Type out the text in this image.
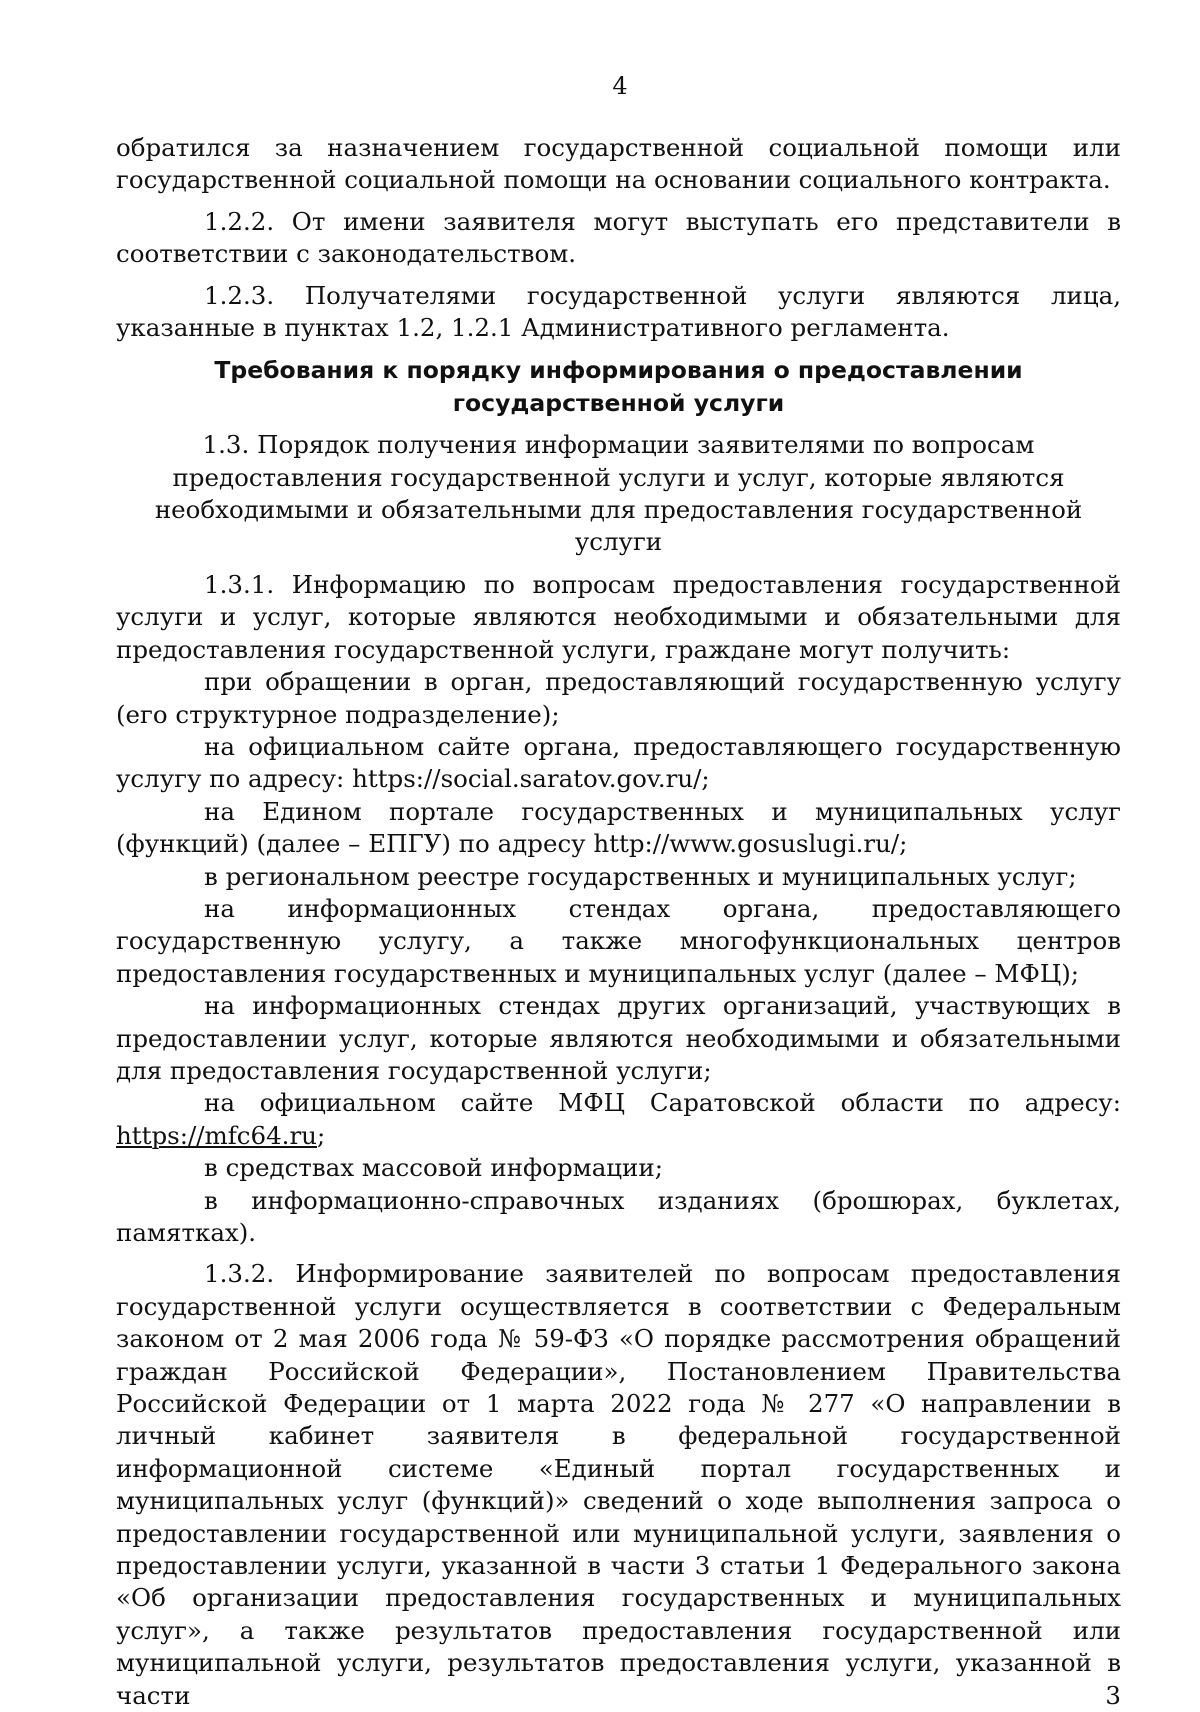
4

обратился за назначением государственной социальной помощи или государственной социальной помощи на основании социального контракта.

1.2.2. От имени заявителя могут выступать его представители в соответствии с законодательством.

1.2.3. Получателями государственной услуги являются лица, указанные в пунктах 1.2, 1.2.1 Административного регламента.

Требования к порядку информирования о предоставлении государственной услуги
1.3. Порядок получения информации заявителями по вопросам предоставления государственной услуги и услуг, которые являются необходимыми и обязательными для предоставления государственной услуги

1.3.1. Информацию по вопросам предоставления государственной услуги и услуг, которые являются необходимыми и обязательными для предоставления государственной услуги, граждане могут получить:

при обращении в орган, предоставляющий государственную услугу (его структурное подразделение);

на официальном сайте органа, предоставляющего государственную услугу по адресу: https://social.saratov.gov.ru/;

на Едином портале государственных и муниципальных услуг (функций) (далее – ЕПГУ) по адресу http://www.gosuslugi.ru/;

в региональном реестре государственных и муниципальных услуг;

на информационных стендах органа, предоставляющего государственную услугу, а также многофункциональных центров предоставления государственных и муниципальных услуг (далее – МФЦ);

на информационных стендах других организаций, участвующих в предоставлении услуг, которые являются необходимыми и обязательными для предоставления государственной услуги;

на официальном сайте МФЦ Саратовской области по адресу:
https://mfc64.ru;

в средствах массовой информации;

в информационно-справочных изданиях (брошюрах, буклетах, памятках).

1.3.2. Информирование заявителей по вопросам предоставления государственной услуги осуществляется в соответствии с Федеральным законом от 2 мая 2006 года № 59-ФЗ «О порядке рассмотрения обращений граждан Российской Федерации», Постановлением Правительства Российской Федерации от 1 марта 2022 года № 277 «О направлении в личный кабинет заявителя в федеральной государственной информационной системе «Единый портал государственных и муниципальных услуг (функций)» сведений о ходе выполнения запроса о предоставлении государственной или муниципальной услуги, заявления о предоставлении услуги, указанной в части 3 статьи 1 Федерального закона «Об организации предоставления государственных и муниципальных услуг», а также результатов предоставления государственной или муниципальной услуги, результатов предоставления услуги, указанной в части 3
